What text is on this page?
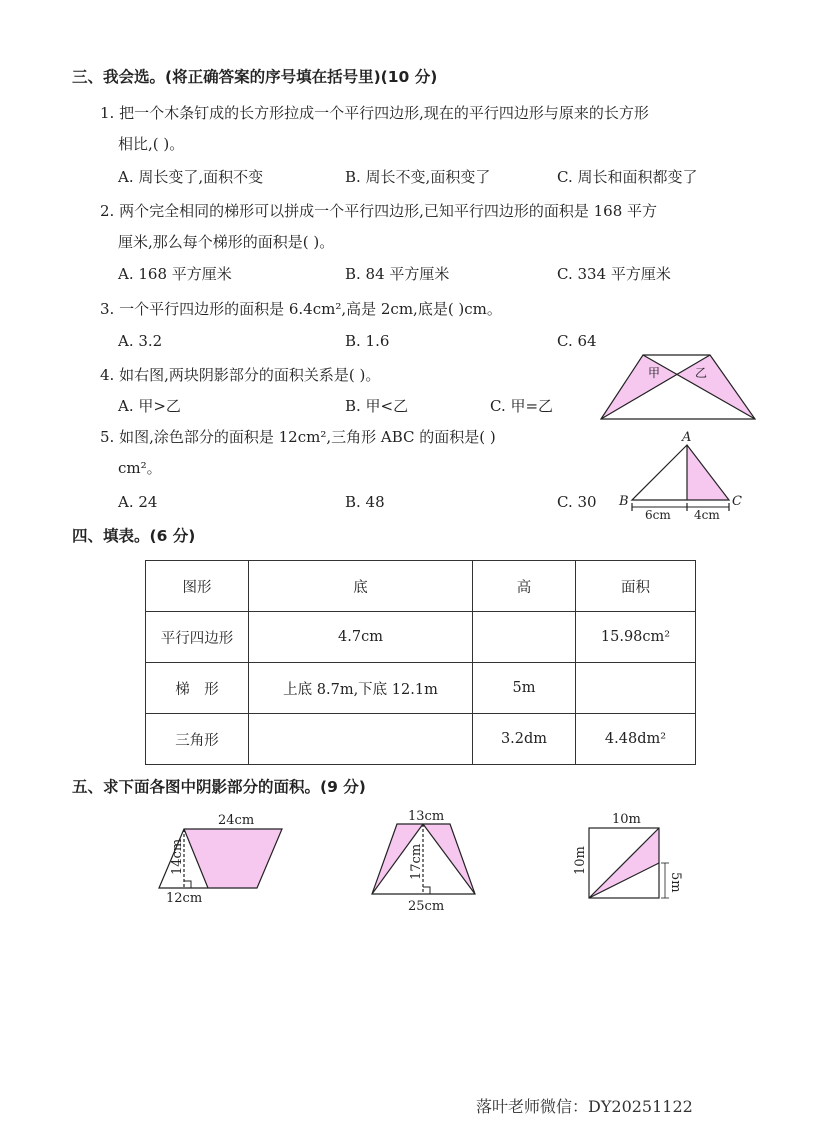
三、我会选。(将正确答案的序号填在括号里)(10 分)
1. 把一个木条钉成的长方形拉成一个平行四边形,现在的平行四边形与原来的长方形
相比,( )。
A. 周长变了,面积不变	B. 周长不变,面积变了	C. 周长和面积都变了
2. 两个完全相同的梯形可以拼成一个平行四边形,已知平行四边形的面积是 168 平方
厘米,那么每个梯形的面积是( )。
A. 168 平方厘米	B. 84 平方厘米	C. 334 平方厘米
3. 一个平行四边形的面积是 6.4cm²,高是 2cm,底是( )cm。
A. 3.2	B. 1.6	C. 64
4. 如右图,两块阴影部分的面积关系是( )。
A. 甲>乙	B. 甲<乙	C. 甲=乙
5. 如图,涂色部分的面积是 12cm²,三角形 ABC 的面积是( )
cm²。
A. 24	B. 48	C. 30
四、填表。(6 分)
图形	底	高	面积
平行四边形	4.7cm		15.98cm²
梯　形	上底 8.7m,下底 12.1m	5m	
三角形		3.2dm	4.48dm²
五、求下面各图中阴影部分的面积。(9 分)
甲	乙
A
B	C
6cm 4cm
24cm
14cm
12cm
13cm
17cm
25cm
10m
10m
5m
落叶老师微信：DY20251122
